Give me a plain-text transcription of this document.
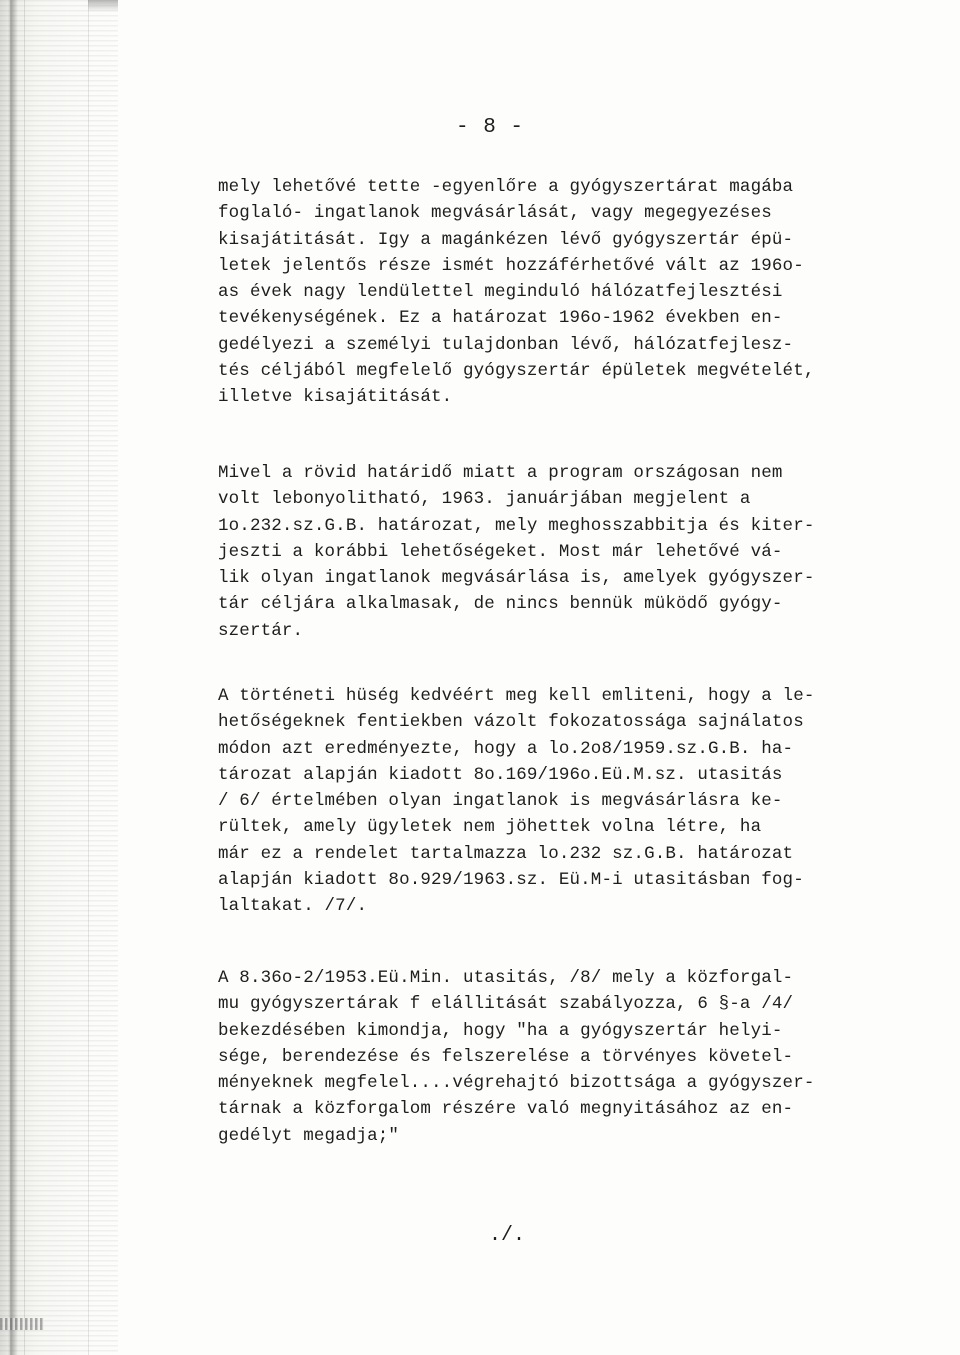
- 8 -
mely lehetővé tette -egyenlőre a gyógyszertárat magába
foglaló- ingatlanok megvásárlását, vagy megegyezéses
kisajátitását. Igy a magánkézen lévő gyógyszertár épü-
letek jelentős része ismét hozzáférhetővé vált az 196o-
as évek nagy lendülettel meginduló hálózatfejlesztési
tevékenységének. Ez a határozat 196o-1962 években en-
gedélyezi a személyi tulajdonban lévő, hálózatfejlesz-
tés céljából megfelelő gyógyszertár épületek megvételét,
illetve kisajátitását.
Mivel a rövid határidő miatt a program országosan nem
volt lebonyolitható, 1963. januárjában megjelent a
1o.232.sz.G.B. határozat, mely meghosszabbitja és kiter-
jeszti a korábbi lehetőségeket. Most már lehetővé vá-
lik olyan ingatlanok megvásárlása is, amelyek gyógyszer-
tár céljára alkalmasak, de nincs bennük müködő gyógy-
szertár.
A történeti hüség kedvéért meg kell emliteni, hogy a le-
hetőségeknek fentiekben vázolt fokozatossága sajnálatos
módon azt eredményezte, hogy a lo.2o8/1959.sz.G.B. ha-
tározat alapján kiadott 8o.169/196o.Eü.M.sz. utasitás
/ 6/ értelmében olyan ingatlanok is megvásárlásra ke-
rültek, amely ügyletek nem jöhettek volna létre, ha
már ez a rendelet tartalmazza lo.232 sz.G.B. határozat
alapján kiadott 8o.929/1963.sz. Eü.M-i utasitásban fog-
laltakat. /7/.
A 8.36o-2/1953.Eü.Min. utasitás, /8/ mely a közforgal-
mu gyógyszertárak f elállitását szabályozza, 6 §-a /4/
bekezdésében kimondja, hogy "ha a gyógyszertár helyi-
sége, berendezése és felszerelése a törvényes követel-
ményeknek megfelel....végrehajtó bizottsága a gyógyszer-
tárnak a közforgalom részére való megnyitásához az en-
gedélyt megadja;"
./.
